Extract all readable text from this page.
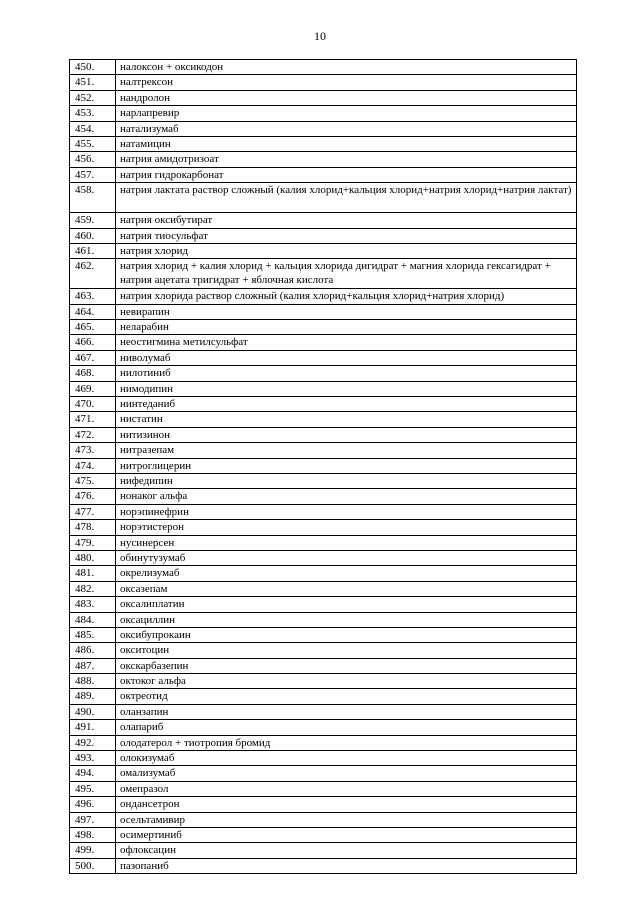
10
450.	налоксон + оксикодон
451.	налтрексон
452.	нандролон
453.	нарлапревир
454.	натализумаб
455.	натамицин
456.	натрия амидотризоат
457.	натрия гидрокарбонат
458.	натрия лактата раствор сложный (калия хлорид+кальция хлорид+натрия хлорид+натрия лактат)
459.	натрия оксибутират
460.	натрия тиосульфат
461.	натрия хлорид
462.	натрия хлорид + калия хлорид + кальция хлорида дигидрат + магния хлорида гексагидрат + натрия ацетата тригидрат + яблочная кислота
463.	натрия хлорида раствор сложный (калия хлорид+кальция хлорид+натрия хлорид)
464.	невирапин
465.	неларабин
466.	неостигмина метилсульфат
467.	ниволумаб
468.	нилотиниб
469.	нимодипин
470.	нинтеданиб
471.	нистатин
472.	нитизинон
473.	нитразепам
474.	нитроглицерин
475.	нифедипин
476.	нонаког альфа
477.	норэпинефрин
478.	норэтистерон
479.	нусинерсен
480.	обинутузумаб
481.	окрелизумаб
482.	оксазепам
483.	оксалиплатин
484.	оксациллин
485.	оксибупрокаин
486.	окситоцин
487.	окскарбазепин
488.	октоког альфа
489.	октреотид
490.	оланзапин
491.	олапариб
492.	олодатерол + тиотропия бромид
493.	олокизумаб
494.	омализумаб
495.	омепразол
496.	ондансетрон
497.	осельтамивир
498.	осимертиниб
499.	офлоксацин
500.	пазопаниб
